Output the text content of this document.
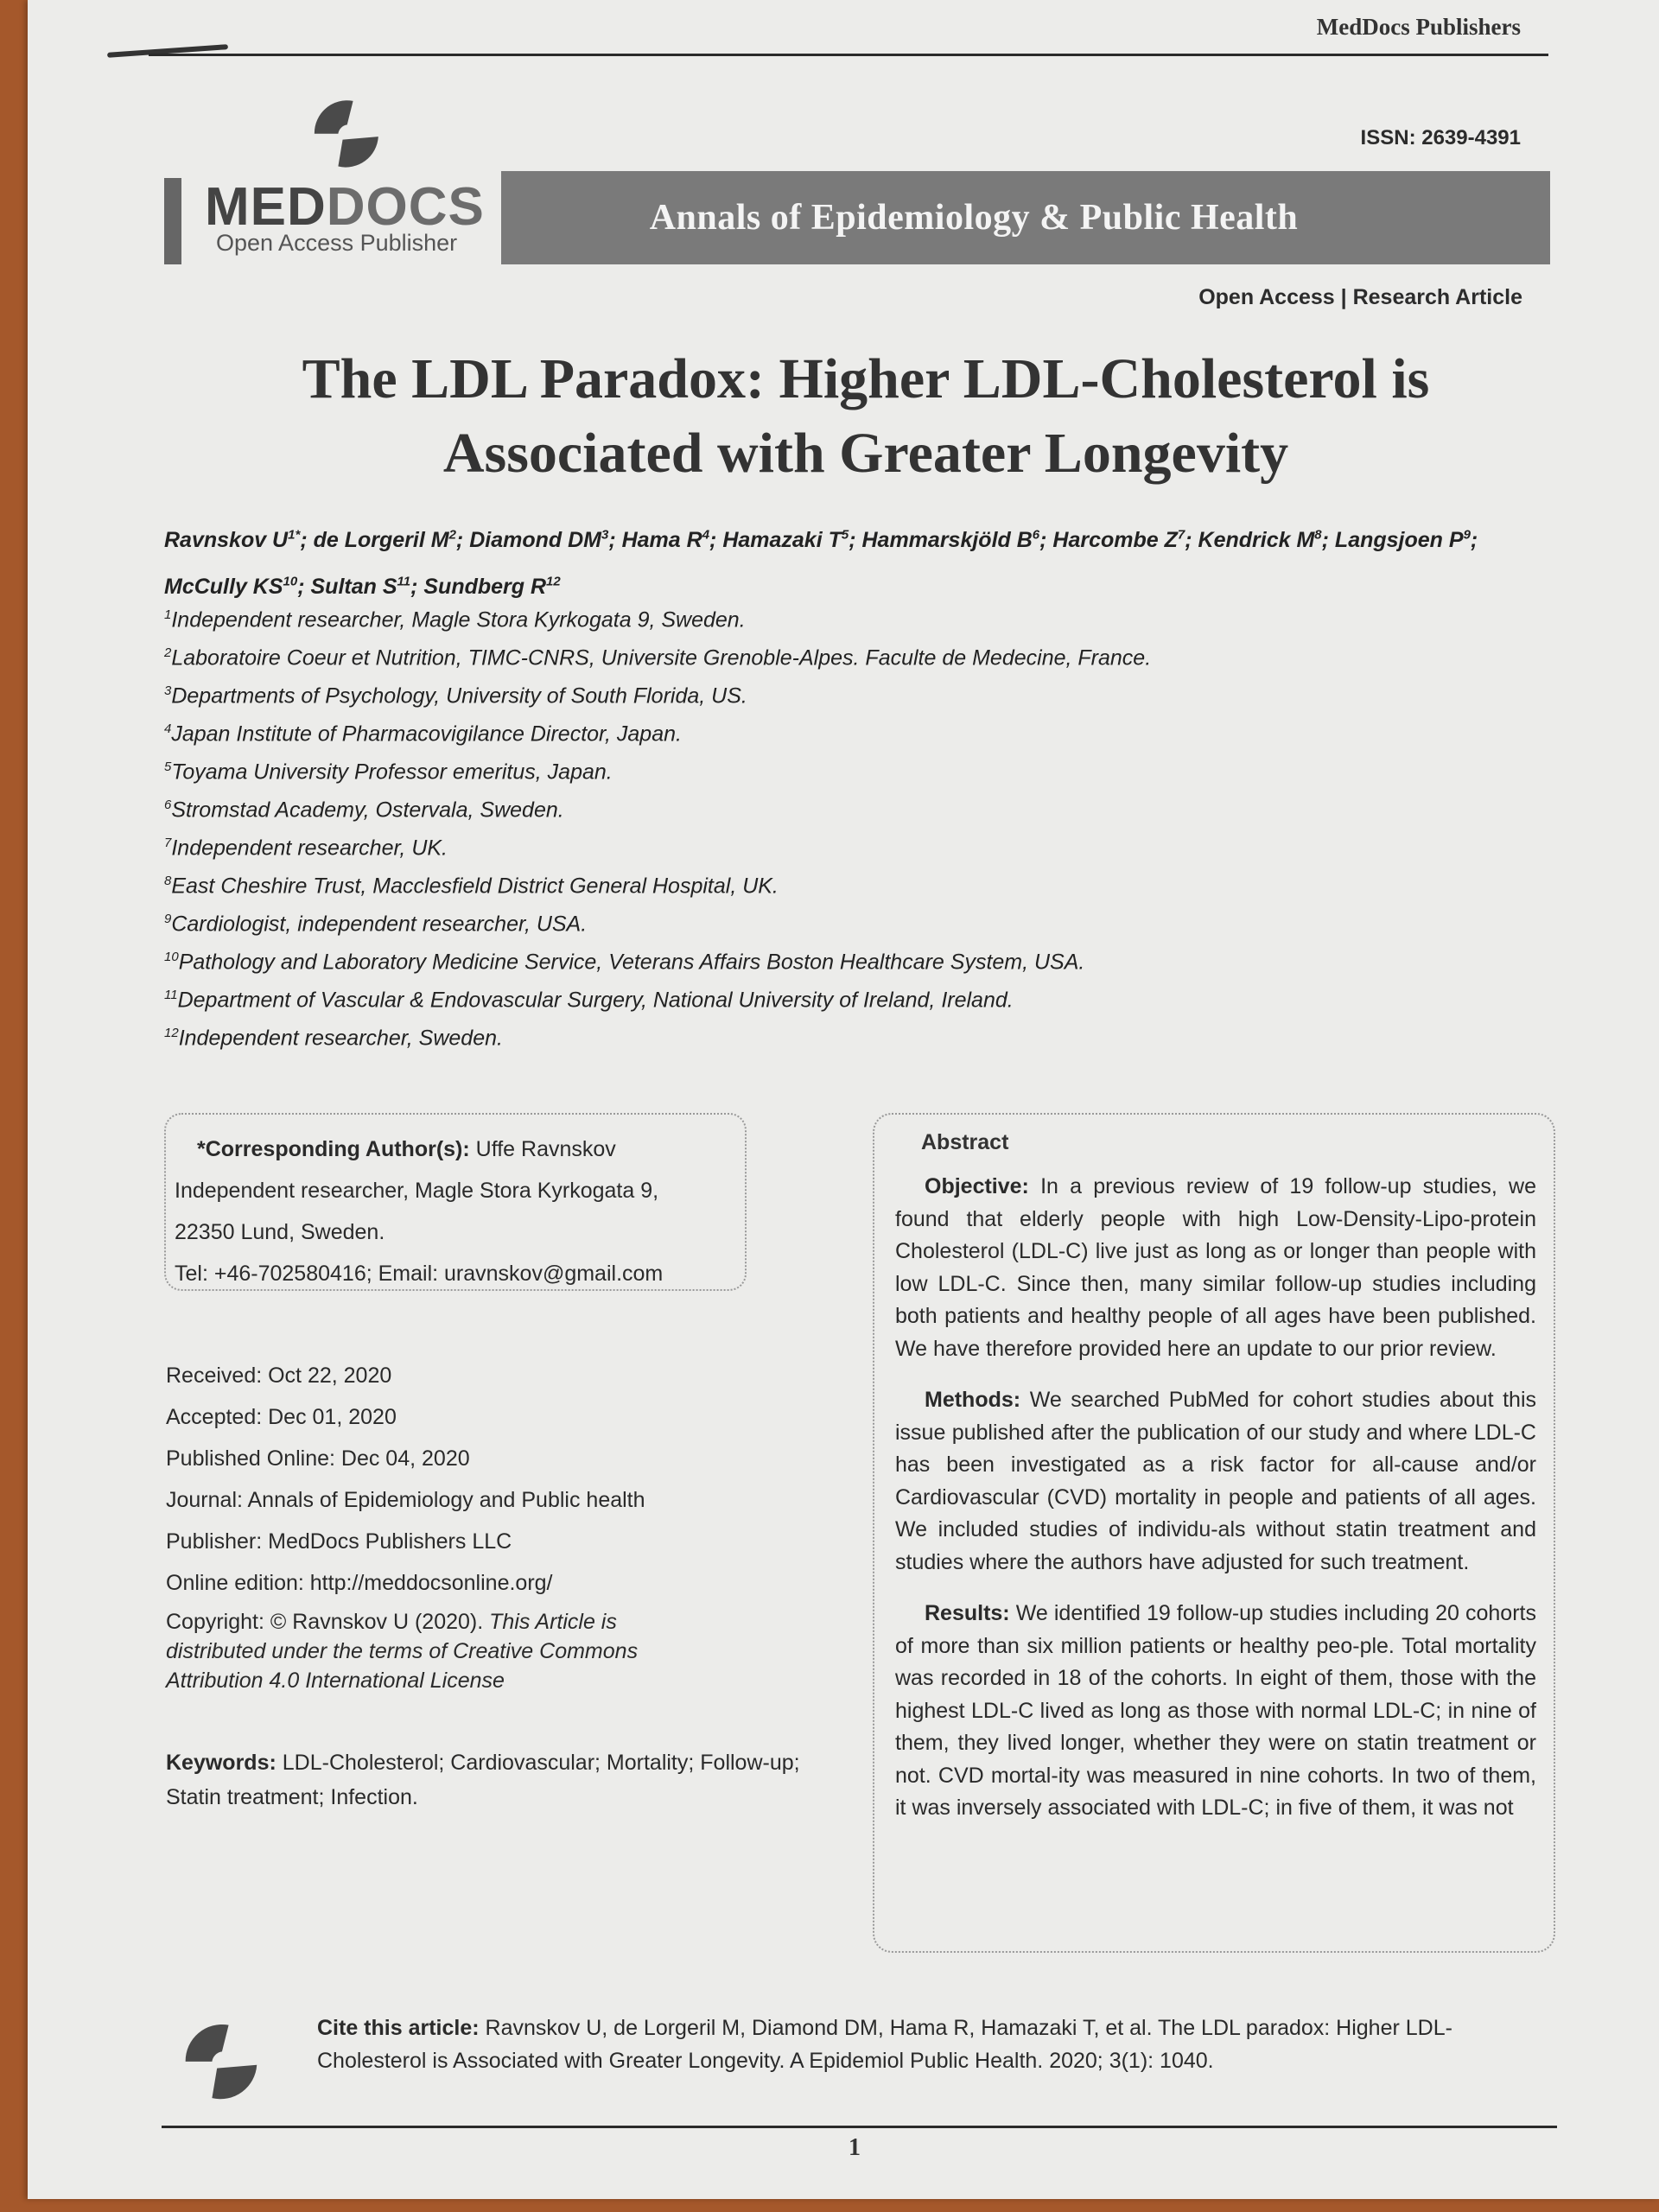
MedDocs Publishers
ISSN: 2639-4391
MEDDOCS
Open Access Publisher
Annals of Epidemiology & Public Health
Open Access | Research Article
The LDL Paradox: Higher LDL-Cholesterol is
Associated with Greater Longevity
Ravnskov $U^{1*}$; de Lorgeril $M^2$; Diamond $DM^3$; Hama $R^4$; Hamazaki $T^5$; Hammarskjöld $B^6$; Harcombe $Z^7$; Kendrick $M^8$; Langsjoen $P^9$; McCully KS$^{10}$; Sultan $S^{11}$; Sundberg $R^{12}$
$^1$Independent researcher, Magle Stora Kyrkogata 9, Sweden.
$^2$Laboratoire Coeur et Nutrition, TIMC-CNRS, Universite Grenoble-Alpes. Faculte de Medecine, France.
$^3$Departments of Psychology, University of South Florida, US.
$^4$Japan Institute of Pharmacovigilance Director, Japan.
$^5$Toyama University Professor emeritus, Japan.
$^6$Stromstad Academy, Ostervala, Sweden.
$^7$Independent researcher, UK.
$^8$East Cheshire Trust, Macclesfield District General Hospital, UK.
$^9$Cardiologist, independent researcher, USA.
$^{10}$Pathology and Laboratory Medicine Service, Veterans Affairs Boston Healthcare System, USA.
$^{11}$Department of Vascular & Endovascular Surgery, National University of Ireland, Ireland.
$^{12}$Independent researcher, Sweden.
*Corresponding Author(s): Uffe Ravnskov
Independent researcher, Magle Stora Kyrkogata 9,
22350 Lund, Sweden.
Tel: +46-702580416; Email: uravnskov@gmail.com
Received: Oct 22, 2020
Accepted: Dec 01, 2020
Published Online: Dec 04, 2020
Journal: Annals of Epidemiology and Public health
Publisher: MedDocs Publishers LLC
Online edition: http://meddocsonline.org/
Copyright: © Ravnskov U (2020). This Article is distributed under the terms of Creative Commons Attribution 4.0 International License
Keywords: LDL-Cholesterol; Cardiovascular; Mortality; Follow-up; Statin treatment; Infection.
Abstract

Objective: In a previous review of 19 follow-up studies, we found that elderly people with high Low-Density-Lipo-protein Cholesterol (LDL-C) live just as long as or longer than people with low LDL-C. Since then, many similar follow-up studies including both patients and healthy people of all ages have been published. We have therefore provided here an update to our prior review.

Methods: We searched PubMed for cohort studies about this issue published after the publication of our study and where LDL-C has been investigated as a risk factor for all-cause and/or Cardiovascular (CVD) mortality in people and patients of all ages. We included studies of individu-als without statin treatment and studies where the authors have adjusted for such treatment.

Results: We identified 19 follow-up studies including 20 cohorts of more than six million patients or healthy peo-ple. Total mortality was recorded in 18 of the cohorts. In eight of them, those with the highest LDL-C lived as long as those with normal LDL-C; in nine of them, they lived longer, whether they were on statin treatment or not. CVD mortal-ity was measured in nine cohorts. In two of them, it was inversely associated with LDL-C; in five of them, it was not

Cite this article: Ravnskov U, de Lorgeril M, Diamond DM, Hama R, Hamazaki T, et al. The LDL paradox: Higher LDL-Cholesterol is Associated with Greater Longevity. A Epidemiol Public Health. 2020; 3(1): 1040.
1
